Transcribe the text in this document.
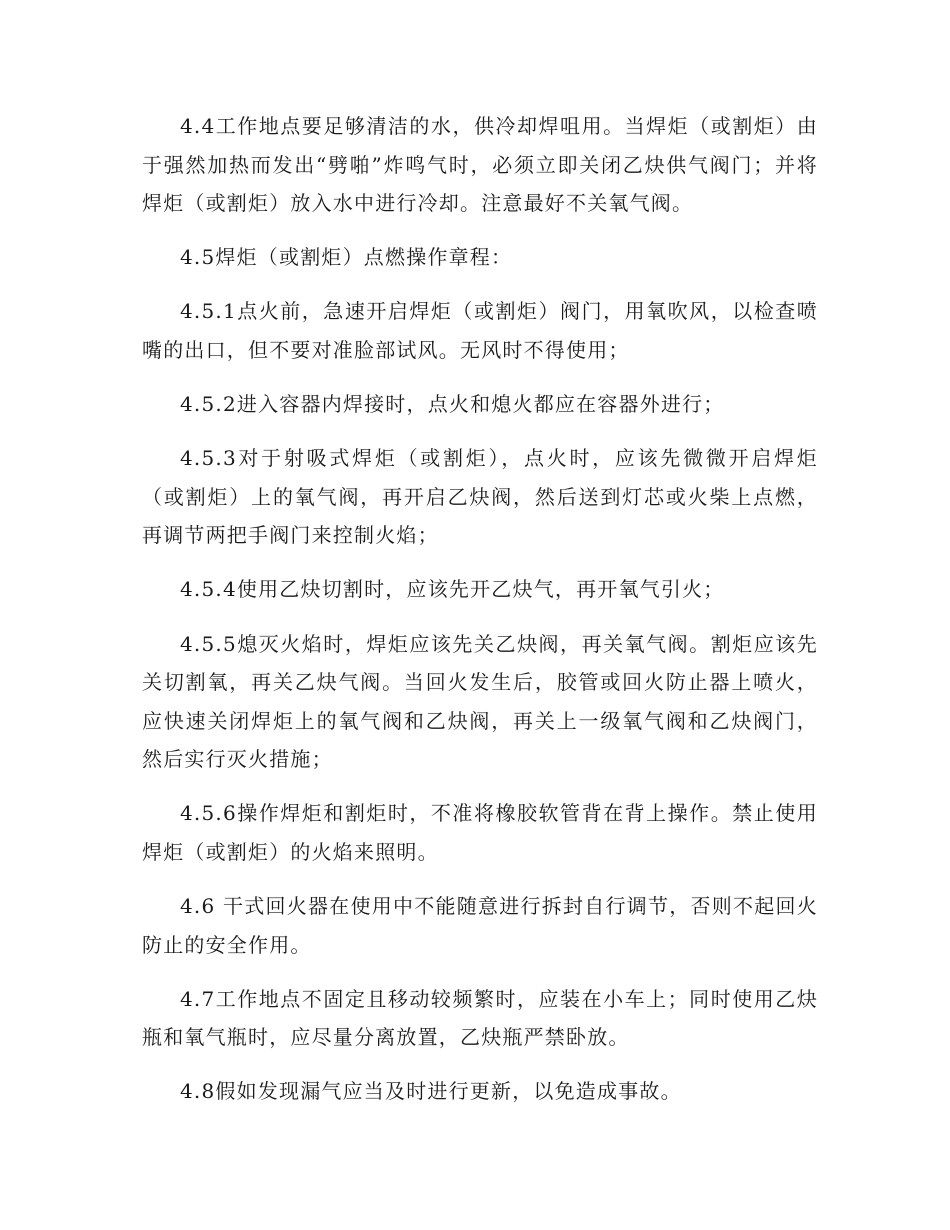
4.4工作地点要足够清洁的水，供冷却焊咀用。当焊炬（或割炬）由于强然加热而发出“劈啪”炸鸣气时，必须立即关闭乙炔供气阀门；并将焊炬（或割炬）放入水中进行冷却。注意最好不关氧气阀。

4.5焊炬（或割炬）点燃操作章程：

4.5.1点火前，急速开启焊炬（或割炬）阀门，用氧吹风，以检查喷嘴的出口，但不要对准脸部试风。无风时不得使用；

4.5.2进入容器内焊接时，点火和熄火都应在容器外进行；

4.5.3对于射吸式焊炬（或割炬），点火时，应该先微微开启焊炬（或割炬）上的氧气阀，再开启乙炔阀，然后送到灯芯或火柴上点燃，再调节两把手阀门来控制火焰；

4.5.4使用乙炔切割时，应该先开乙炔气，再开氧气引火；

4.5.5熄灭火焰时，焊炬应该先关乙炔阀，再关氧气阀。割炬应该先关切割氧，再关乙炔气阀。当回火发生后，胶管或回火防止器上喷火，应快速关闭焊炬上的氧气阀和乙炔阀，再关上一级氧气阀和乙炔阀门，然后实行灭火措施；

4.5.6操作焊炬和割炬时，不准将橡胶软管背在背上操作。禁止使用焊炬（或割炬）的火焰来照明。

4.6 干式回火器在使用中不能随意进行拆封自行调节，否则不起回火防止的安全作用。

4.7工作地点不固定且移动较频繁时，应装在小车上；同时使用乙炔瓶和氧气瓶时，应尽量分离放置，乙炔瓶严禁卧放。

4.8假如发现漏气应当及时进行更新，以免造成事故。
